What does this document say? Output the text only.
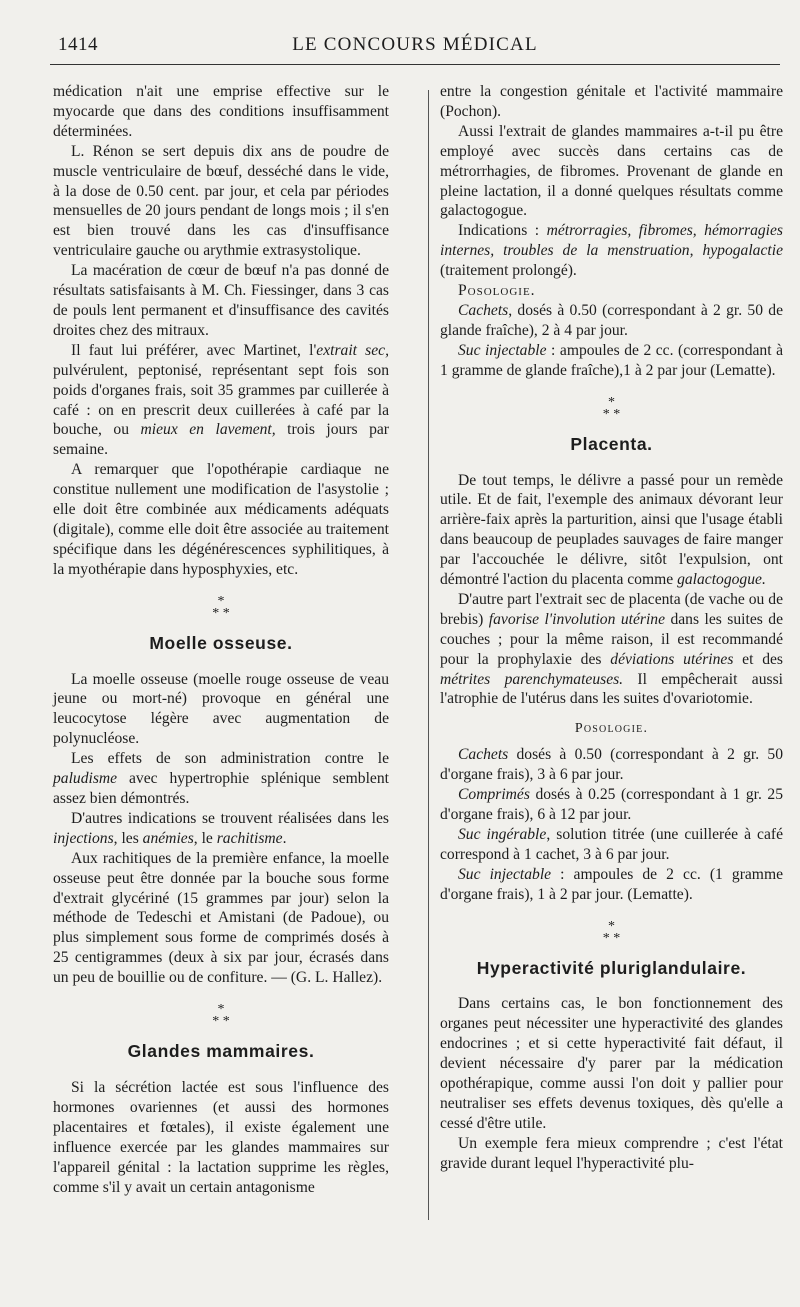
1414	LE CONCOURS MÉDICAL

médication n'ait une emprise effective sur le myocarde que dans des conditions insuffisamment déterminées.

L. Rénon se sert depuis dix ans de poudre de muscle ventriculaire de bœuf, desséché dans le vide, à la dose de 0.50 cent. par jour, et cela par périodes mensuelles de 20 jours pendant de longs mois ; il s'en est bien trouvé dans les cas d'insuffisance ventriculaire gauche ou arythmie extrasystolique.

La macération de cœur de bœuf n'a pas donné de résultats satisfaisants à M. Ch. Fiessinger, dans 3 cas de pouls lent permanent et d'insuffisance des cavités droites chez des mitraux.

Il faut lui préférer, avec Martinet, l'extrait sec, pulvérulent, peptonisé, représentant sept fois son poids d'organes frais, soit 35 grammes par cuillerée à café : on en prescrit deux cuillerées à café par la bouche, ou mieux en lavement, trois jours par semaine.

A remarquer que l'opothérapie cardiaque ne constitue nullement une modification de l'asystolie ; elle doit être combinée aux médicaments adéquats (digitale), comme elle doit être associée au traitement spécifique dans les dégénérescences syphilitiques, à la myothérapie dans hyposphyxies, etc.

*
* *
Moelle osseuse.

La moelle osseuse (moelle rouge osseuse de veau jeune ou mort-né) provoque en général une leucocytose légère avec augmentation de polynucléose.

Les effets de son administration contre le paludisme avec hypertrophie splénique semblent assez bien démontrés.

D'autres indications se trouvent réalisées dans les injections, les anémies, le rachitisme.

Aux rachitiques de la première enfance, la moelle osseuse peut être donnée par la bouche sous forme d'extrait glycériné (15 grammes par jour) selon la méthode de Tedeschi et Amistani (de Padoue), ou plus simplement sous forme de comprimés dosés à 25 centigrammes (deux à six par jour, écrasés dans un peu de bouillie ou de confiture. — (G. L. Hallez).

*
* *
Glandes mammaires.

Si la sécrétion lactée est sous l'influence des hormones ovariennes (et aussi des hormones placentaires et fœtales), il existe également une influence exercée par les glandes mammaires sur l'appareil génital : la lactation supprime les règles, comme s'il y avait un certain antagonisme

entre la congestion génitale et l'activité mammaire (Pochon).

Aussi l'extrait de glandes mammaires a-t-il pu être employé avec succès dans certains cas de métrorrhagies, de fibromes. Provenant de glande en pleine lactation, il a donné quelques résultats comme galactogogue.

Indications : métrorragies, fibromes, hémorragies internes, troubles de la menstruation, hypogalactie (traitement prolongé).

Posologie.

Cachets, dosés à 0.50 (correspondant à 2 gr. 50 de glande fraîche), 2 à 4 par jour.

Suc injectable : ampoules de 2 cc. (correspondant à 1 gramme de glande fraîche),1 à 2 par jour (Lematte).

*
* *
Placenta.

De tout temps, le délivre a passé pour un remède utile. Et de fait, l'exemple des animaux dévorant leur arrière-faix après la parturition, ainsi que l'usage établi dans beaucoup de peuplades sauvages de faire manger par l'accouchée le délivre, sitôt l'expulsion, ont démontré l'action du placenta comme galactogogue.

D'autre part l'extrait sec de placenta (de vache ou de brebis) favorise l'involution utérine dans les suites de couches ; pour la même raison, il est recommandé pour la prophylaxie des déviations utérines et des métrites parenchymateuses. Il empêcherait aussi l'atrophie de l'utérus dans les suites d'ovariotomie.

Posologie.

Cachets dosés à 0.50 (correspondant à 2 gr. 50 d'organe frais), 3 à 6 par jour.

Comprimés dosés à 0.25 (correspondant à 1 gr. 25 d'organe frais), 6 à 12 par jour.

Suc ingérable, solution titrée (une cuillerée à café correspond à 1 cachet, 3 à 6 par jour.

Suc injectable : ampoules de 2 cc. (1 gramme d'organe frais), 1 à 2 par jour. (Lematte).

*
* *
Hyperactivité pluriglandulaire.

Dans certains cas, le bon fonctionnement des organes peut nécessiter une hyperactivité des glandes endocrines ; et si cette hyperactivité fait défaut, il devient nécessaire d'y parer par la médication opothérapique, comme aussi l'on doit y pallier pour neutraliser ses effets devenus toxiques, dès qu'elle a cessé d'être utile.

Un exemple fera mieux comprendre ; c'est l'état gravide durant lequel l'hyperactivité plu-
